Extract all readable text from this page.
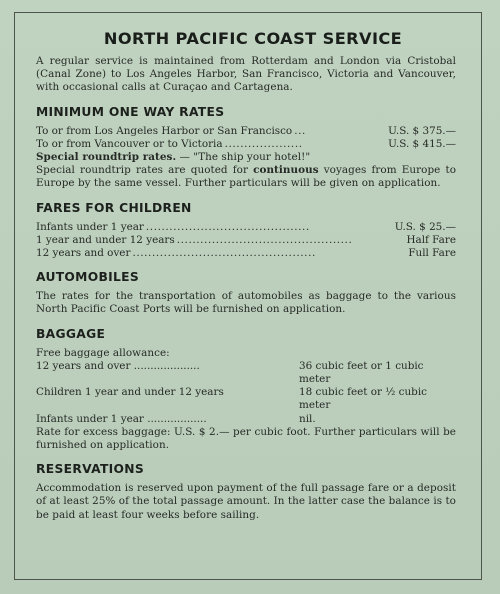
NORTH PACIFIC COAST SERVICE

A regular service is maintained from Rotterdam and London via Cristobal (Canal Zone) to Los Angeles Harbor, San Francisco, Victoria and Vancouver, with occasional calls at Curaçao and Cartagena.

MINIMUM ONE WAY RATES
To or from Los Angeles Harbor or San Francisco ...	U.S. $ 375.—
To or from Vancouver or to Victoria ....................	U.S. $ 415.—
Special roundtrip rates. — "The ship your hotel!"

Special roundtrip rates are quoted for continuous voyages from Europe to Europe by the same vessel. Further particulars will be given on application.

FARES FOR CHILDREN
Infants under 1 year ..........................................	U.S. $ 25.—
1 year and under 12 years .............................................	Half Fare
12 years and over ...............................................	Full Fare
AUTOMOBILES

The rates for the transportation of automobiles as baggage to the various North Pacific Coast Ports will be furnished on application.

BAGGAGE
Free baggage allowance:
12 years and over ....................	36 cubic feet or 1 cubic meter
Children 1 year and under 12 years	18 cubic feet or ½ cubic meter
Infants under 1 year ..................	nil.

Rate for excess baggage: U.S. $ 2.— per cubic foot. Further particulars will be furnished on application.

RESERVATIONS

Accommodation is reserved upon payment of the full passage fare or a deposit of at least 25% of the total passage amount. In the latter case the balance is to be paid at least four weeks before sailing.
